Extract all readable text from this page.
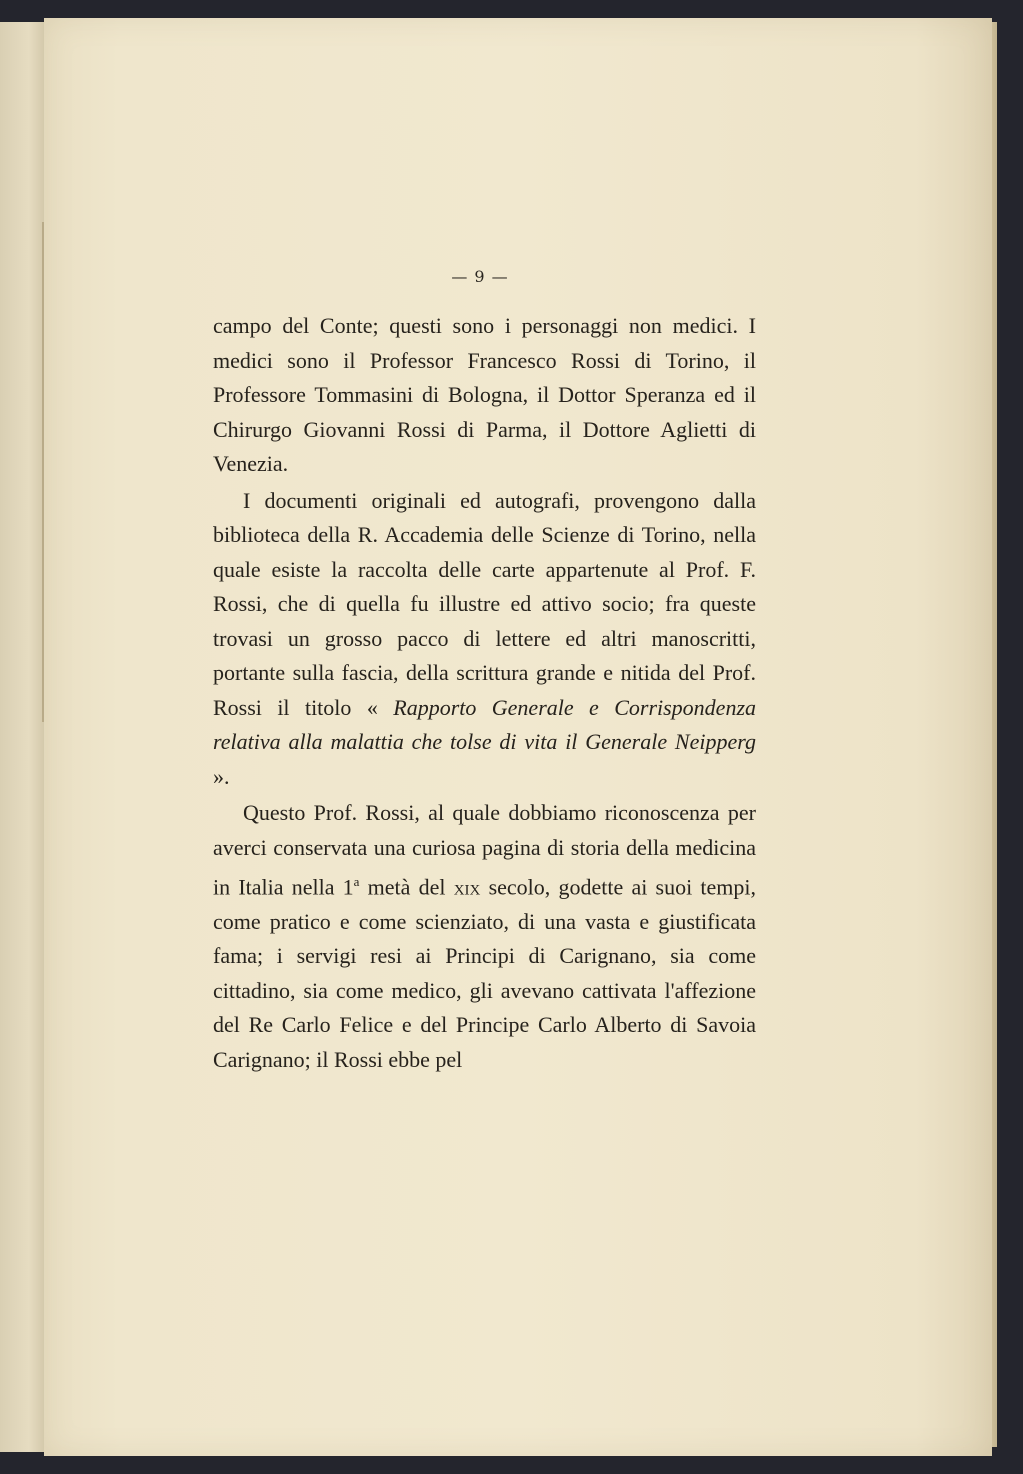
— 9 —

campo del Conte; questi sono i personaggi non medici. I medici sono il Professor Francesco Rossi di Torino, il Professore Tommasini di Bologna, il Dottor Speranza ed il Chirurgo Giovanni Rossi di Parma, il Dottore Aglietti di Venezia.

I documenti originali ed autografi, provengono dalla biblioteca della R. Accademia delle Scienze di Torino, nella quale esiste la raccolta delle carte appartenute al Prof. F. Rossi, che di quella fu illustre ed attivo socio; fra queste trovasi un grosso pacco di lettere ed altri manoscritti, portante sulla fascia, della scrittura grande e nitida del Prof. Rossi il titolo « Rapporto Generale e Corrispondenza relativa alla malattia che tolse di vita il Generale Neipperg ».

Questo Prof. Rossi, al quale dobbiamo riconoscenza per averci conservata una curiosa pagina di storia della medicina in Italia nella 1$^a$ metà del xix secolo, godette ai suoi tempi, come pratico e come scienziato, di una vasta e giustificata fama; i servigi resi ai Principi di Carignano, sia come cittadino, sia come medico, gli avevano cattivata l'affezione del Re Carlo Felice e del Principe Carlo Alberto di Savoia Carignano; il Rossi ebbe pel
